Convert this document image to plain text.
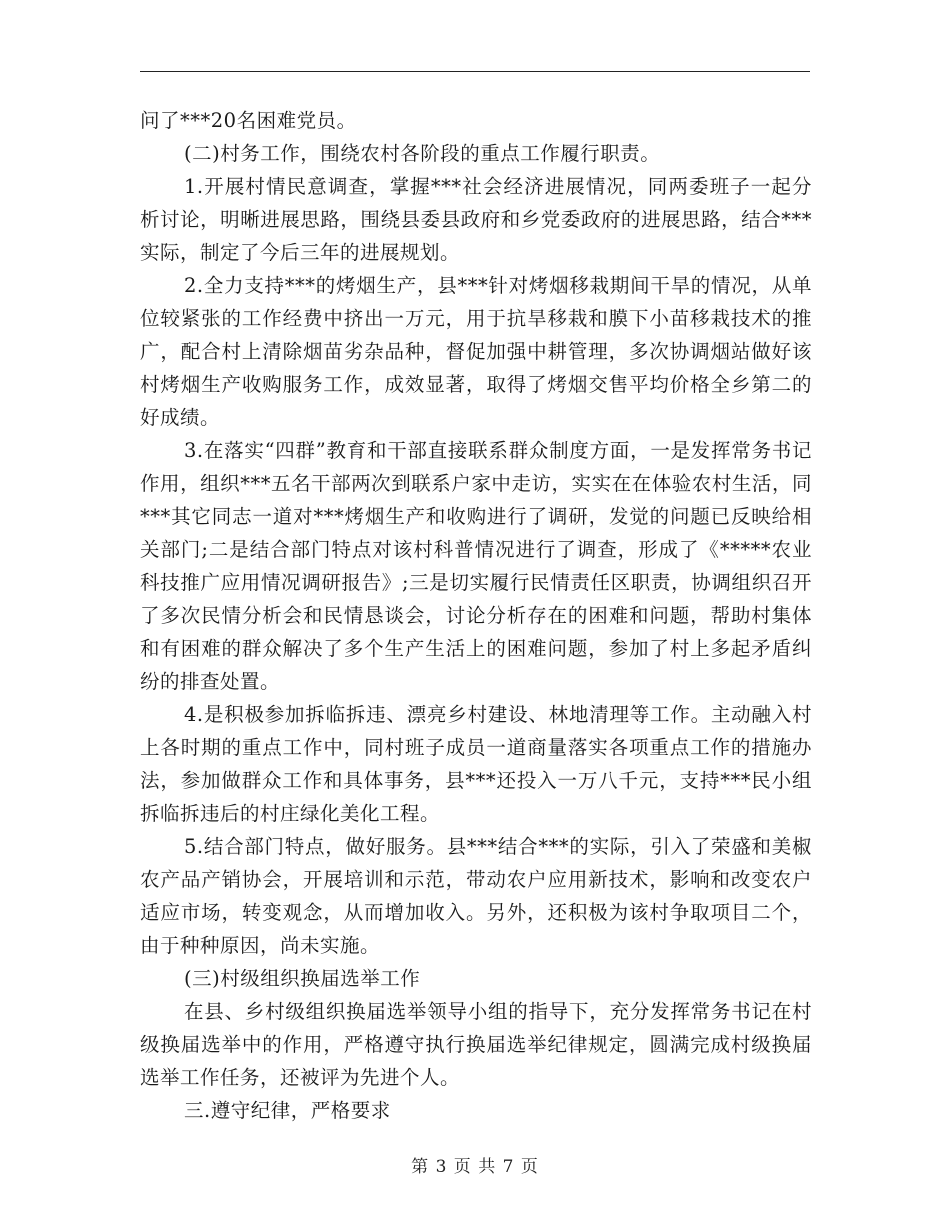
问了***20名困难党员。

(二)村务工作，围绕农村各阶段的重点工作履行职责。

1.开展村情民意调查，掌握***社会经济进展情况，同两委班子一起分析讨论，明晰进展思路，围绕县委县政府和乡党委政府的进展思路，结合***实际，制定了今后三年的进展规划。

2.全力支持***的烤烟生产，县***针对烤烟移栽期间干旱的情况，从单位较紧张的工作经费中挤出一万元，用于抗旱移栽和膜下小苗移栽技术的推广，配合村上清除烟苗劣杂品种，督促加强中耕管理，多次协调烟站做好该村烤烟生产收购服务工作，成效显著，取得了烤烟交售平均价格全乡第二的好成绩。

3.在落实“四群”教育和干部直接联系群众制度方面，一是发挥常务书记作用，组织***五名干部两次到联系户家中走访，实实在在体验农村生活，同***其它同志一道对***烤烟生产和收购进行了调研，发觉的问题已反映给相关部门;二是结合部门特点对该村科普情况进行了调查，形成了《*****农业科技推广应用情况调研报告》;三是切实履行民情责任区职责，协调组织召开了多次民情分析会和民情恳谈会，讨论分析存在的困难和问题，帮助村集体和有困难的群众解决了多个生产生活上的困难问题，参加了村上多起矛盾纠纷的排查处置。

4.是积极参加拆临拆违、漂亮乡村建设、林地清理等工作。主动融入村上各时期的重点工作中，同村班子成员一道商量落实各项重点工作的措施办法，参加做群众工作和具体事务，县***还投入一万八千元，支持***民小组拆临拆违后的村庄绿化美化工程。

5.结合部门特点，做好服务。县***结合***的实际，引入了荣盛和美椒农产品产销协会，开展培训和示范，带动农户应用新技术，影响和改变农户适应市场，转变观念，从而增加收入。另外，还积极为该村争取项目二个，由于种种原因，尚未实施。

(三)村级组织换届选举工作

在县、乡村级组织换届选举领导小组的指导下，充分发挥常务书记在村级换届选举中的作用，严格遵守执行换届选举纪律规定，圆满完成村级换届选举工作任务，还被评为先进个人。

三.遵守纪律，严格要求

第 3 页 共 7 页
